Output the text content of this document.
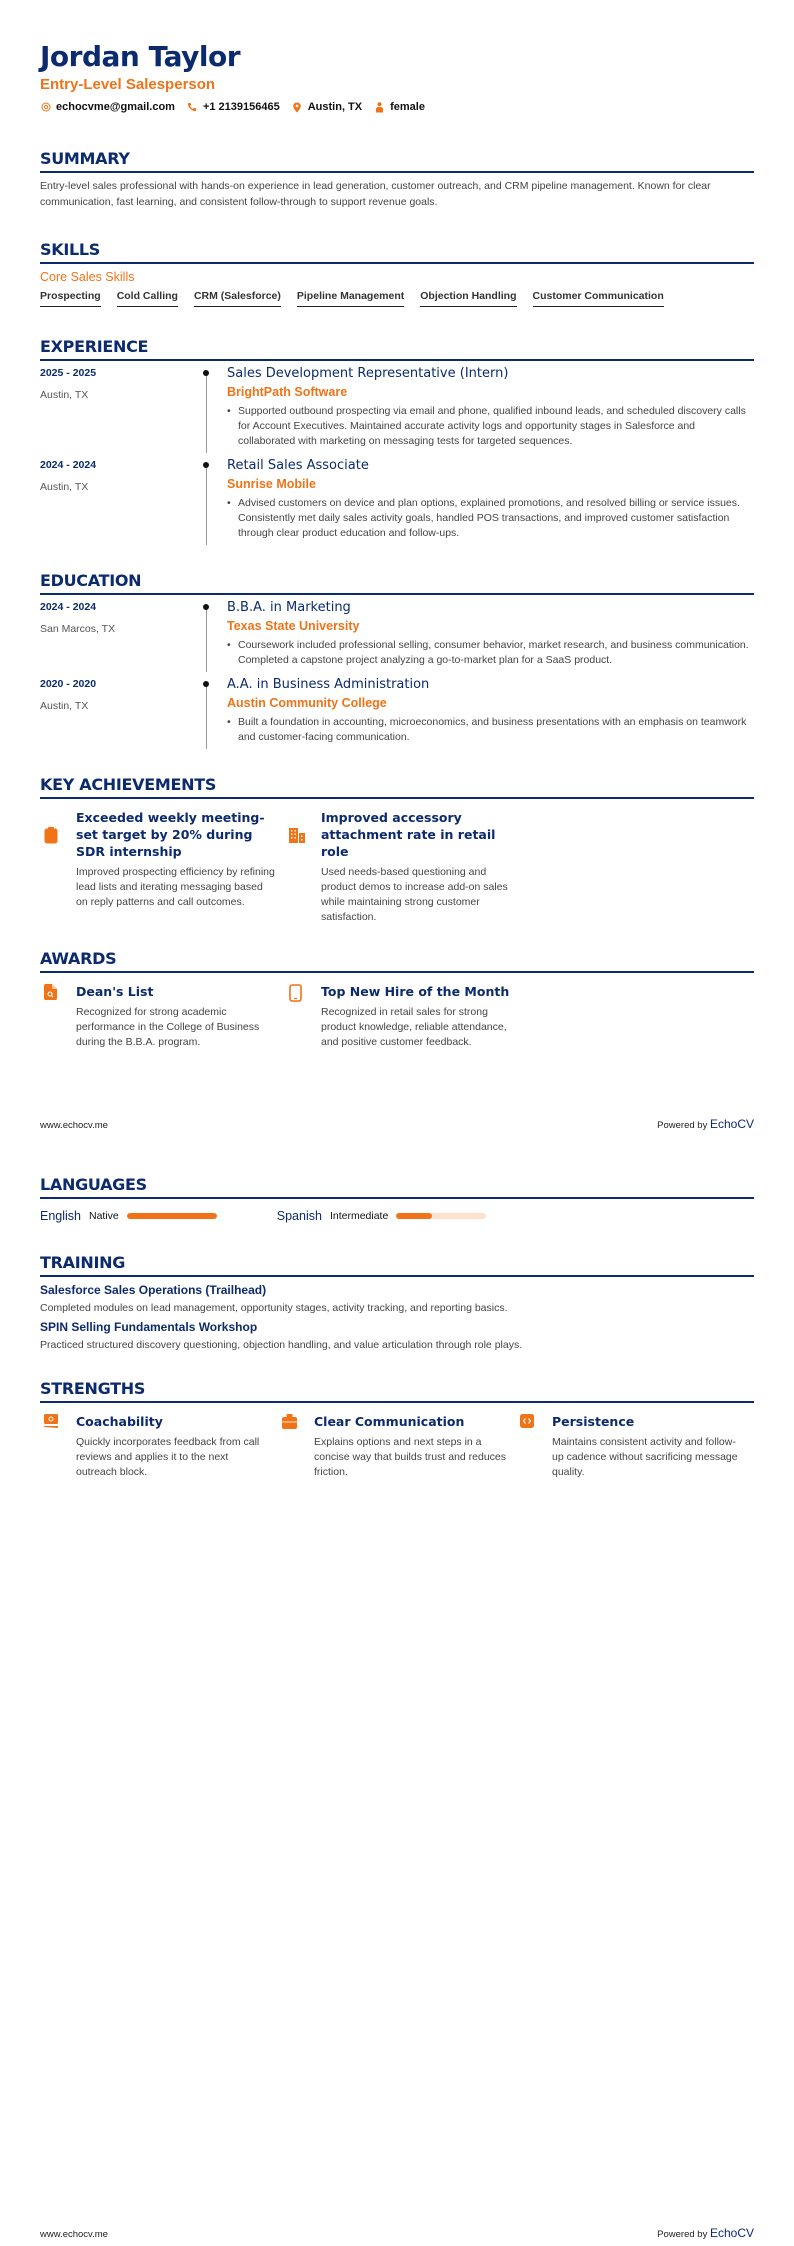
Jordan Taylor
Entry-Level Salesperson
echocvme@gmail.com	+1 2139156465	Austin, TX	female
SUMMARY
Entry-level sales professional with hands-on experience in lead generation, customer outreach, and CRM pipeline management. Known for clear communication, fast learning, and consistent follow-through to support revenue goals.
SKILLS
Core Sales Skills
Prospecting Cold Calling CRM (Salesforce) Pipeline Management Objection Handling Customer Communication
EXPERIENCE
2025 - 2025
Austin, TX
Sales Development Representative (Intern)
BrightPath Software
• Supported outbound prospecting via email and phone, qualified inbound leads, and scheduled discovery calls for Account Executives. Maintained accurate activity logs and opportunity stages in Salesforce and collaborated with marketing on messaging tests for targeted sequences.
2024 - 2024
Austin, TX
Retail Sales Associate
Sunrise Mobile
• Advised customers on device and plan options, explained promotions, and resolved billing or service issues. Consistently met daily sales activity goals, handled POS transactions, and improved customer satisfaction through clear product education and follow-ups.
EDUCATION
2024 - 2024
San Marcos, TX
B.B.A. in Marketing
Texas State University
• Coursework included professional selling, consumer behavior, market research, and business communication. Completed a capstone project analyzing a go-to-market plan for a SaaS product.
2020 - 2020
Austin, TX
A.A. in Business Administration
Austin Community College
• Built a foundation in accounting, microeconomics, and business presentations with an emphasis on teamwork and customer-facing communication.
KEY ACHIEVEMENTS
Exceeded weekly meeting-set target by 20% during SDR internship
Improved prospecting efficiency by refining lead lists and iterating messaging based on reply patterns and call outcomes.
Improved accessory attachment rate in retail role
Used needs-based questioning and product demos to increase add-on sales while maintaining strong customer satisfaction.
AWARDS
Dean's List
Recognized for strong academic performance in the College of Business during the B.B.A. program.
Top New Hire of the Month
Recognized in retail sales for strong product knowledge, reliable attendance, and positive customer feedback.
www.echocv.me	Powered by EchoCV
LANGUAGES
English Native	Spanish Intermediate
TRAINING
Salesforce Sales Operations (Trailhead)
Completed modules on lead management, opportunity stages, activity tracking, and reporting basics.
SPIN Selling Fundamentals Workshop
Practiced structured discovery questioning, objection handling, and value articulation through role plays.
STRENGTHS
Coachability
Quickly incorporates feedback from call reviews and applies it to the next outreach block.
Clear Communication
Explains options and next steps in a concise way that builds trust and reduces friction.
Persistence
Maintains consistent activity and follow-up cadence without sacrificing message quality.
www.echocv.me	Powered by EchoCV
